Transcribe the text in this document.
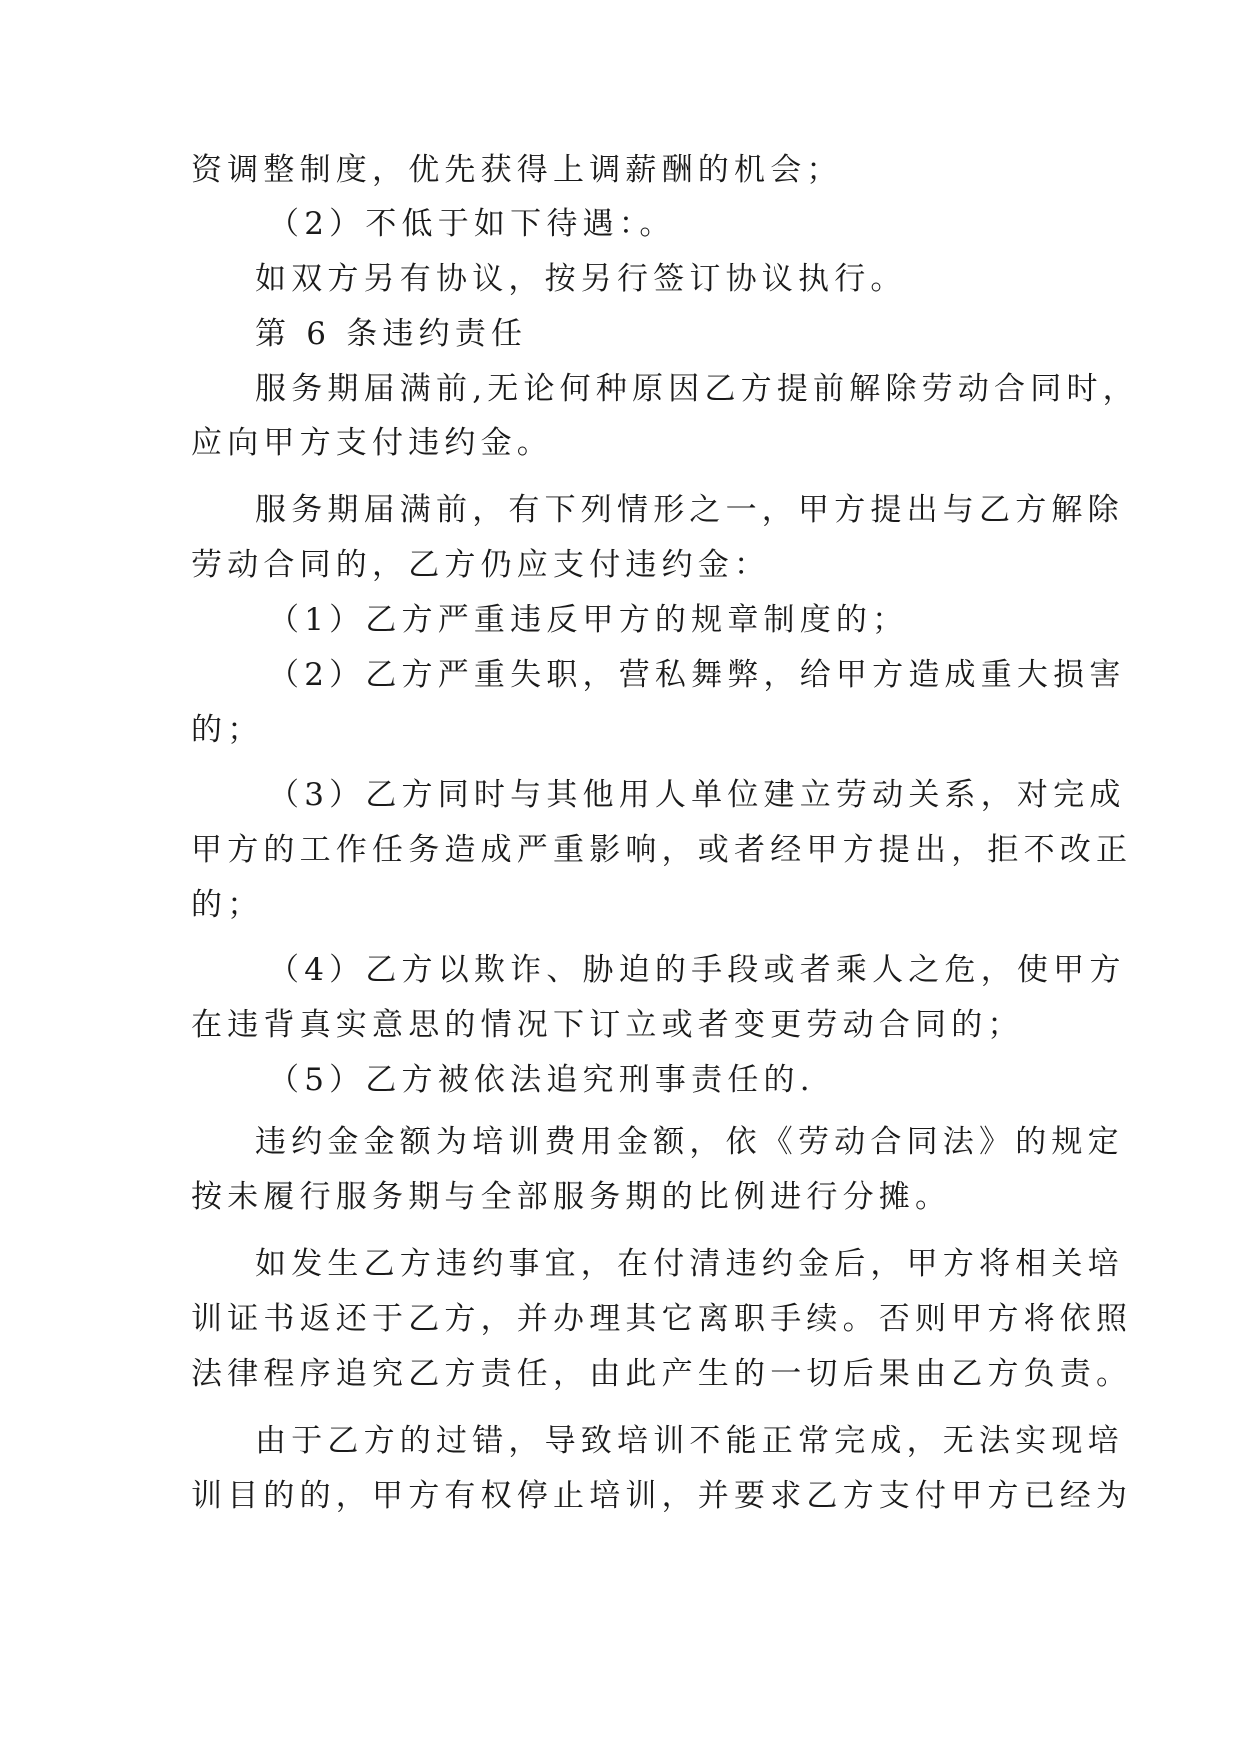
资调整制度，优先获得上调薪酬的机会；
（2）不低于如下待遇：。
如双方另有协议，按另行签订协议执行。
第 6 条违约责任
服务期届满前,无论何种原因乙方提前解除劳动合同时，
应向甲方支付违约金。
服务期届满前，有下列情形之一，甲方提出与乙方解除
劳动合同的，乙方仍应支付违约金：
（1）乙方严重违反甲方的规章制度的；
（2）乙方严重失职，营私舞弊，给甲方造成重大损害
的；
（3）乙方同时与其他用人单位建立劳动关系，对完成
甲方的工作任务造成严重影响，或者经甲方提出，拒不改正
的；
（4）乙方以欺诈、胁迫的手段或者乘人之危，使甲方
在违背真实意思的情况下订立或者变更劳动合同的；
（5）乙方被依法追究刑事责任的.
违约金金额为培训费用金额，依《劳动合同法》的规定
按未履行服务期与全部服务期的比例进行分摊。
如发生乙方违约事宜，在付清违约金后，甲方将相关培
训证书返还于乙方，并办理其它离职手续。否则甲方将依照
法律程序追究乙方责任，由此产生的一切后果由乙方负责。
由于乙方的过错，导致培训不能正常完成，无法实现培
训目的的，甲方有权停止培训，并要求乙方支付甲方已经为
